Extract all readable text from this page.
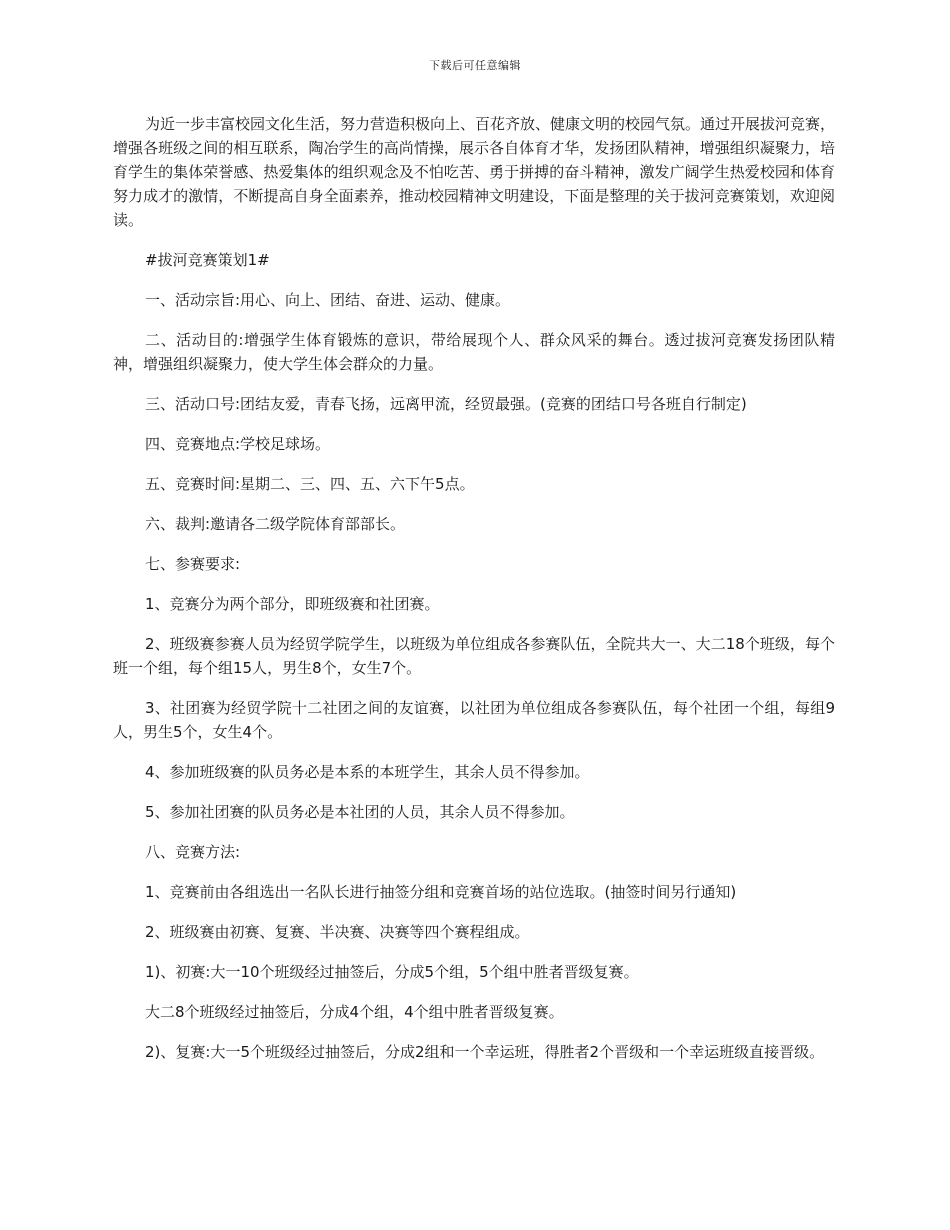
下载后可任意编辑

为近一步丰富校园文化生活，努力营造积极向上、百花齐放、健康文明的校园气氛。通过开展拔河竞赛，增强各班级之间的相互联系，陶冶学生的高尚情操，展示各自体育才华，发扬团队精神，增强组织凝聚力，培育学生的集体荣誉感、热爱集体的组织观念及不怕吃苦、勇于拼搏的奋斗精神，激发广阔学生热爱校园和体育努力成才的激情，不断提高自身全面素养，推动校园精神文明建设，下面是整理的关于拔河竞赛策划，欢迎阅读。

#拔河竞赛策划1#

一、活动宗旨:用心、向上、团结、奋进、运动、健康。

二、活动目的:增强学生体育锻炼的意识，带给展现个人、群众风采的舞台。透过拔河竞赛发扬团队精神，增强组织凝聚力，使大学生体会群众的力量。

三、活动口号:团结友爱，青春飞扬，远离甲流，经贸最强。(竞赛的团结口号各班自行制定)

四、竞赛地点:学校足球场。

五、竞赛时间:星期二、三、四、五、六下午5点。

六、裁判:邀请各二级学院体育部部长。

七、参赛要求:

1、竞赛分为两个部分，即班级赛和社团赛。

2、班级赛参赛人员为经贸学院学生，以班级为单位组成各参赛队伍，全院共大一、大二18个班级，每个班一个组，每个组15人，男生8个，女生7个。

3、社团赛为经贸学院十二社团之间的友谊赛，以社团为单位组成各参赛队伍，每个社团一个组，每组9人，男生5个，女生4个。

4、参加班级赛的队员务必是本系的本班学生，其余人员不得参加。

5、参加社团赛的队员务必是本社团的人员，其余人员不得参加。

八、竞赛方法:

1、竞赛前由各组选出一名队长进行抽签分组和竞赛首场的站位选取。(抽签时间另行通知)

2、班级赛由初赛、复赛、半决赛、决赛等四个赛程组成。

1)、初赛:大一10个班级经过抽签后，分成5个组，5个组中胜者晋级复赛。

大二8个班级经过抽签后，分成4个组，4个组中胜者晋级复赛。

2)、复赛:大一5个班级经过抽签后，分成2组和一个幸运班，得胜者2个晋级和一个幸运班级直接晋级。
